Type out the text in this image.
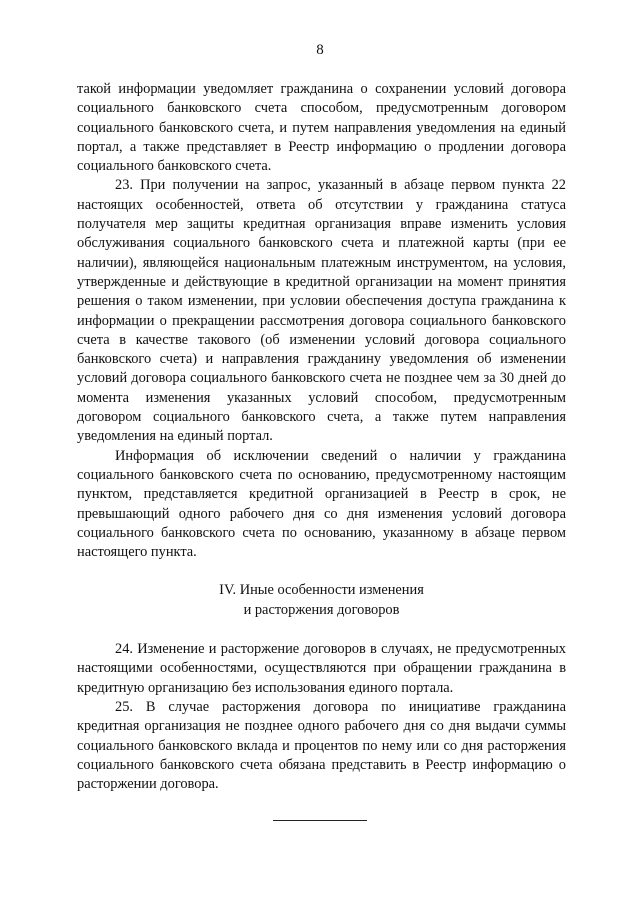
8

такой информации уведомляет гражданина о сохранении условий договора социального банковского счета способом, предусмотренным договором социального банковского счета, и путем направления уведомления на единый портал, а также представляет в Реестр информацию о продлении договора социального банковского счета.

23. При получении на запрос, указанный в абзаце первом пункта 22 настоящих особенностей, ответа об отсутствии у гражданина статуса получателя мер защиты кредитная организация вправе изменить условия обслуживания социального банковского счета и платежной карты (при ее наличии), являющейся национальным платежным инструментом, на условия, утвержденные и действующие в кредитной организации на момент принятия решения о таком изменении, при условии обеспечения доступа гражданина к информации о прекращении рассмотрения договора социального банковского счета в качестве такового (об изменении условий договора социального банковского счета) и направления гражданину уведомления об изменении условий договора социального банковского счета не позднее чем за 30 дней до момента изменения указанных условий способом, предусмотренным договором социального банковского счета, а также путем направления уведомления на единый портал.

Информация об исключении сведений о наличии у гражданина социального банковского счета по основанию, предусмотренному настоящим пунктом, представляется кредитной организацией в Реестр в срок, не превышающий одного рабочего дня со дня изменения условий договора социального банковского счета по основанию, указанному в абзаце первом настоящего пункта.

IV. Иные особенности изменения
и расторжения договоров

24. Изменение и расторжение договоров в случаях, не предусмотренных настоящими особенностями, осуществляются при обращении гражданина в кредитную организацию без использования единого портала.

25. В случае расторжения договора по инициативе гражданина кредитная организация не позднее одного рабочего дня со дня выдачи суммы социального банковского вклада и процентов по нему или со дня расторжения социального банковского счета обязана представить в Реестр информацию о расторжении договора.
